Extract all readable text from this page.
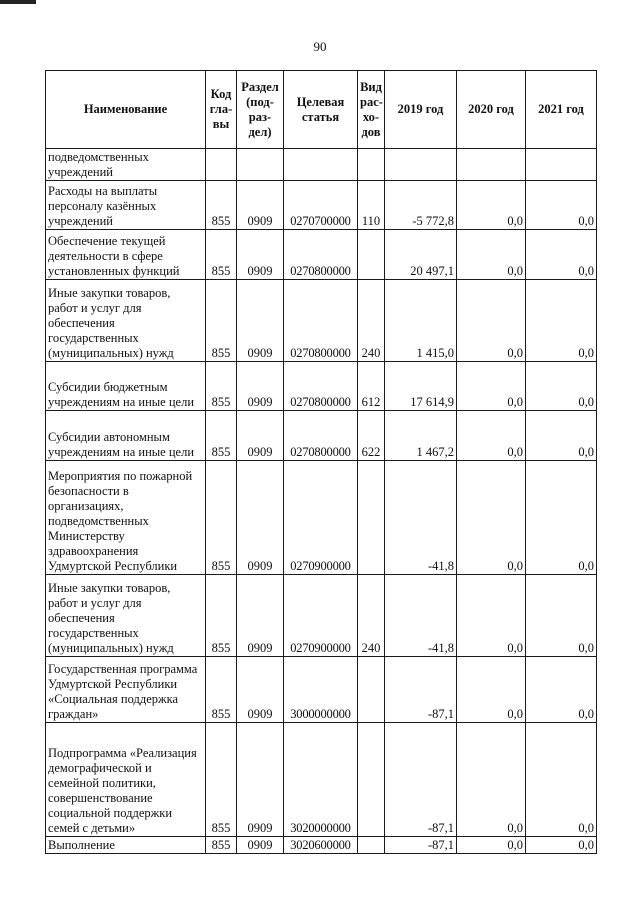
90
Наименование	Код гла-вы	Раздел (под-раз-дел)	Целевая статья	Вид рас-хо-дов	2019 год	2020 год	2021 год
подведомственных учреждений							
Расходы на выплаты персоналу казённых учреждений	855	0909	0270700000	110	-5 772,8	0,0	0,0
Обеспечение текущей деятельности в сфере установленных функций	855	0909	0270800000		20 497,1	0,0	0,0
Иные закупки товаров, работ и услуг для обеспечения государственных (муниципальных) нужд	855	0909	0270800000	240	1 415,0	0,0	0,0
Субсидии бюджетным учреждениям на иные цели	855	0909	0270800000	612	17 614,9	0,0	0,0
Субсидии автономным учреждениям на иные цели	855	0909	0270800000	622	1 467,2	0,0	0,0
Мероприятия по пожарной безопасности в организациях, подведомственных Министерству здравоохранения Удмуртской Республики	855	0909	0270900000		-41,8	0,0	0,0
Иные закупки товаров, работ и услуг для обеспечения государственных (муниципальных) нужд	855	0909	0270900000	240	-41,8	0,0	0,0
Государственная программа Удмуртской Республики «Социальная поддержка граждан»	855	0909	3000000000		-87,1	0,0	0,0
Подпрограмма «Реализация демографической и семейной политики, совершенствование социальной поддержки семей с детьми»	855	0909	3020000000		-87,1	0,0	0,0
Выполнение	855	0909	3020600000		-87,1	0,0	0,0
